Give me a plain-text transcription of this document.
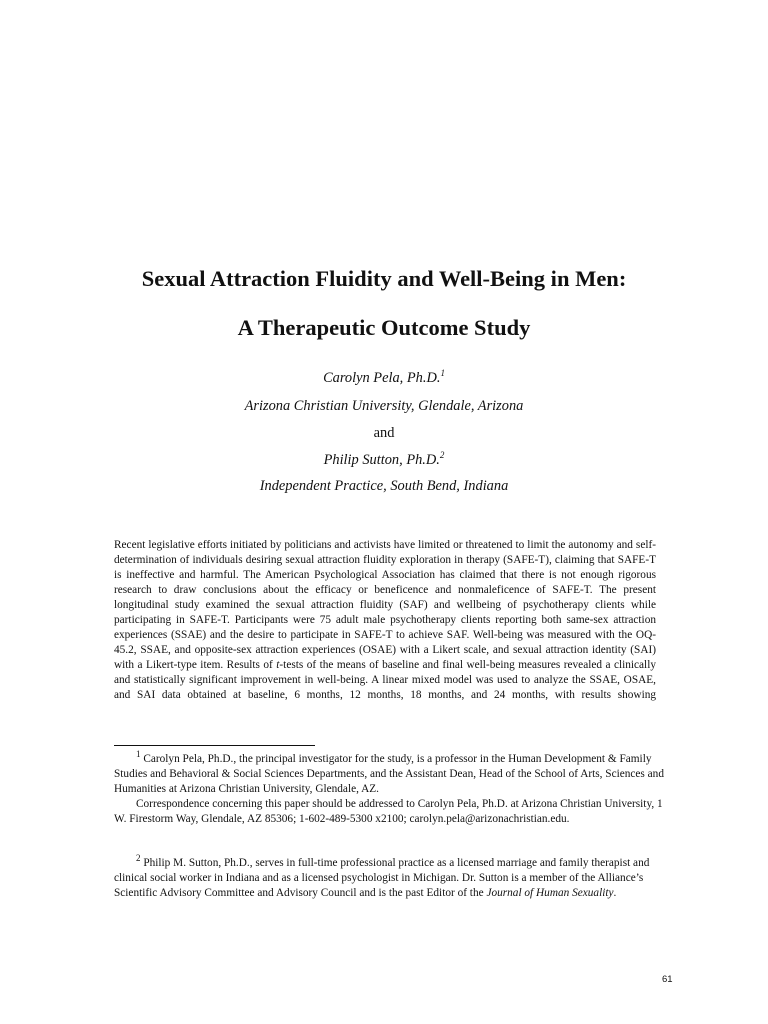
Sexual Attraction Fluidity and Well-Being in Men:
A Therapeutic Outcome Study
Carolyn Pela, Ph.D.$^1$
Arizona Christian University, Glendale, Arizona
and
Philip Sutton, Ph.D.$^2$
Independent Practice, South Bend, Indiana

Recent legislative efforts initiated by politicians and activists have limited or threatened to limit the autonomy and self-determination of individuals desiring sexual attraction fluidity exploration in therapy (SAFE-T), claiming that SAFE-T is ineffective and harmful. The American Psychological Association has claimed that there is not enough rigorous research to draw conclusions about the efficacy or beneficence and nonmaleficence of SAFE-T. The present longitudinal study examined the sexual attraction fluidity (SAF) and wellbeing of psychotherapy clients while participating in SAFE-T. Participants were 75 adult male psychotherapy clients reporting both same-sex attraction experiences (SSAE) and the desire to participate in SAFE-T to achieve SAF. Well-being was measured with the OQ-45.2, SSAE, and opposite-sex attraction experiences (OSAE) with a Likert scale, and sexual attraction identity (SAI) with a Likert-type item. Results of t-tests of the means of baseline and final well-being measures revealed a clinically and statistically significant improvement in well-being. A linear mixed model was used to analyze the SSAE, OSAE, and SAI data obtained at baseline, 6 months, 12 months, 18 months, and 24 months, with results showing

$^1$ Carolyn Pela, Ph.D., the principal investigator for the study, is a professor in the Human Development & Family Studies and Behavioral & Social Sciences Departments, and the Assistant Dean, Head of the School of Arts, Sciences and Humanities at Arizona Christian University, Glendale, AZ.

Correspondence concerning this paper should be addressed to Carolyn Pela, Ph.D. at Arizona Christian University, 1 W. Firestorm Way, Glendale, AZ 85306; 1-602-489-5300 x2100; carolyn.pela@arizonachristian.edu.

$^2$ Philip M. Sutton, Ph.D., serves in full-time professional practice as a licensed marriage and family therapist and clinical social worker in Indiana and as a licensed psychologist in Michigan. Dr. Sutton is a member of the Alliance’s Scientific Advisory Committee and Advisory Council and is the past Editor of the Journal of Human Sexuality.

61
